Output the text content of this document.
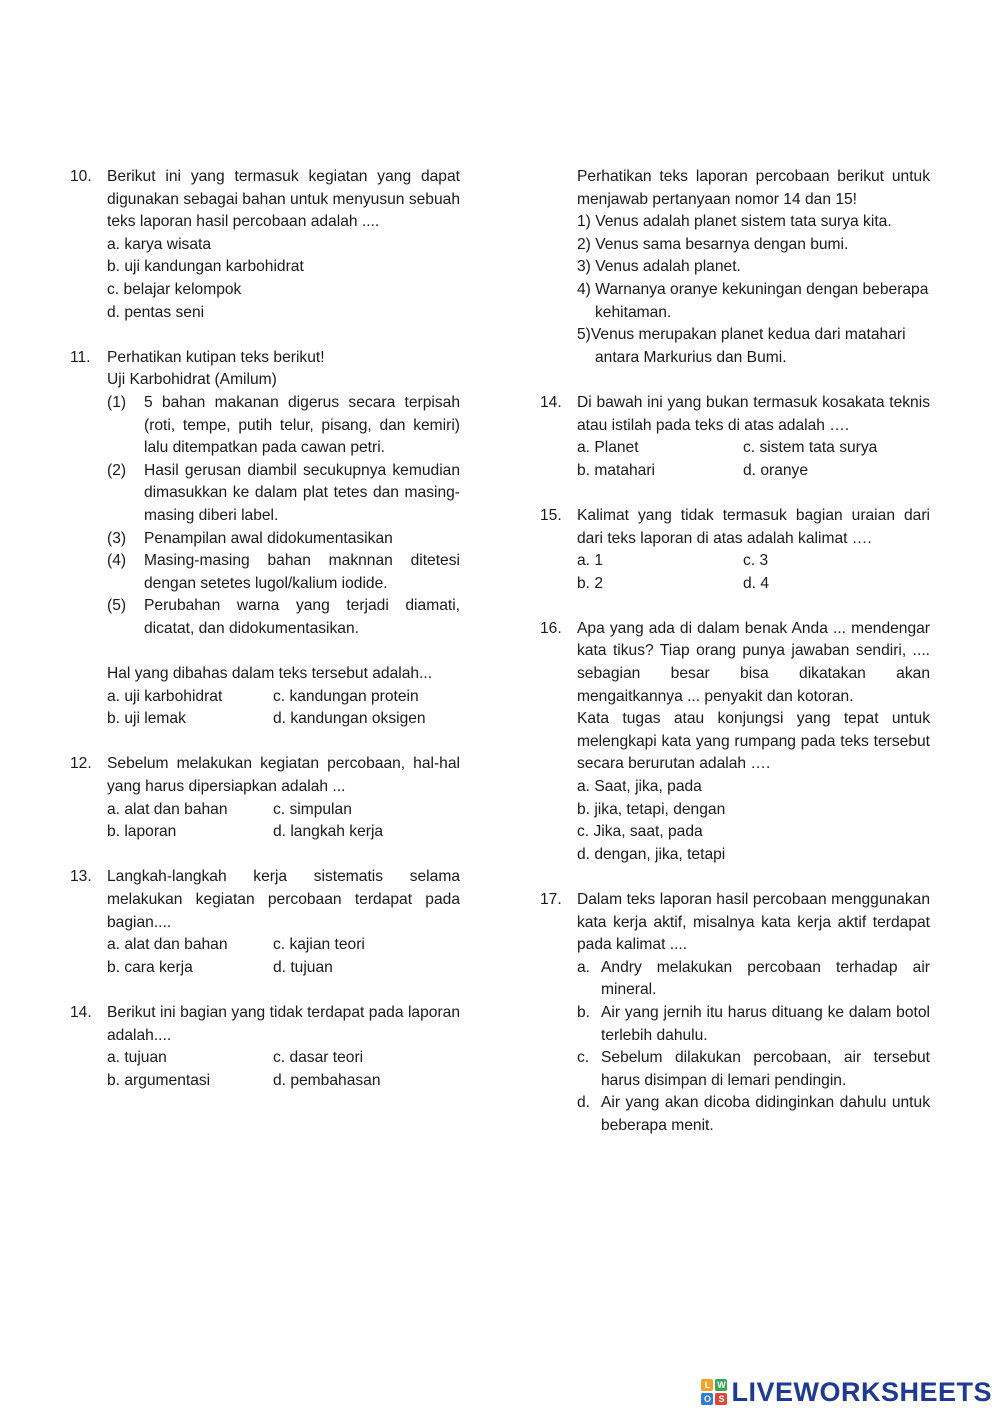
10. Berikut ini yang termasuk kegiatan yang dapat digunakan sebagai bahan untuk menyusun sebuah teks laporan hasil percobaan adalah ....
a. karya wisata
b. uji kandungan karbohidrat
c. belajar kelompok
d. pentas seni
11. Perhatikan kutipan teks berikut!
Uji Karbohidrat (Amilum)
(1) 5 bahan makanan digerus secara terpisah (roti, tempe, putih telur, pisang, dan kemiri) lalu ditempatkan pada cawan petri.
(2) Hasil gerusan diambil secukupnya kemudian dimasukkan ke dalam plat tetes dan masing-masing diberi label.
(3) Penampilan awal didokumentasikan
(4) Masing-masing bahan maknnan ditetesi dengan setetes lugol/kalium iodide.
(5) Perubahan warna yang terjadi diamati, dicatat, dan didokumentasikan.
Hal yang dibahas dalam teks tersebut adalah...
a. uji karbohidrat	c. kandungan protein
b. uji lemak	d. kandungan oksigen
12. Sebelum melakukan kegiatan percobaan, hal-hal yang harus dipersiapkan adalah ...
a. alat dan bahan	c. simpulan
b. laporan	d. langkah kerja
13. Langkah-langkah kerja sistematis selama melakukan kegiatan percobaan terdapat pada bagian....
a. alat dan bahan	c. kajian teori
b. cara kerja	d. tujuan
14. Berikut ini bagian yang tidak terdapat pada laporan adalah....
a. tujuan	c. dasar teori
b. argumentasi	d. pembahasan
Perhatikan teks laporan percobaan berikut untuk menjawab pertanyaan nomor 14 dan 15!
1) Venus adalah planet sistem tata surya kita.
2) Venus sama besarnya dengan bumi.
3) Venus adalah planet.
4) Warnanya oranye kekuningan dengan beberapa kehitaman.
5)Venus merupakan planet kedua dari matahari antara Markurius dan Bumi.
14. Di bawah ini yang bukan termasuk kosakata teknis atau istilah pada teks di atas adalah ….
a. Planet	c. sistem tata surya
b. matahari	d. oranye
15. Kalimat yang tidak termasuk bagian uraian dari dari teks laporan di atas adalah kalimat ….
a. 1	c. 3
b. 2	d. 4
16. Apa yang ada di dalam benak Anda ... mendengar kata tikus? Tiap orang punya jawaban sendiri, .... sebagian besar bisa dikatakan akan mengaitkannya ... penyakit dan kotoran.
Kata tugas atau konjungsi yang tepat untuk melengkapi kata yang rumpang pada teks tersebut secara berurutan adalah ….
a. Saat, jika, pada
b. jika, tetapi, dengan
c. Jika, saat, pada
d. dengan, jika, tetapi
17. Dalam teks laporan hasil percobaan menggunakan kata kerja aktif, misalnya kata kerja aktif terdapat pada kalimat ....
a. Andry melakukan percobaan terhadap air mineral.
b. Air yang jernih itu harus dituang ke dalam botol terlebih dahulu.
c. Sebelum dilakukan percobaan, air tersebut harus disimpan di lemari pendingin.
d. Air yang akan dicoba didinginkan dahulu untuk beberapa menit.
L W
O S LIVEWORKSHEETS
